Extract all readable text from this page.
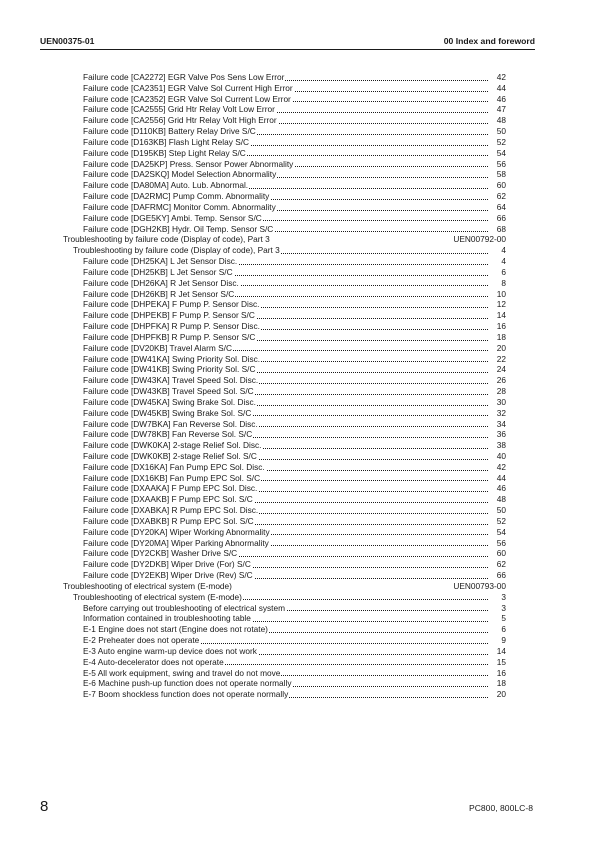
UEN00375-01	00 Index and foreword
Failure code [CA2272] EGR Valve Pos Sens Low Error	42
Failure code [CA2351] EGR Valve Sol Current High Error	44
Failure code [CA2352] EGR Valve Sol Current Low Error	46
Failure code [CA2555] Grid Htr Relay Volt Low Error	47
Failure code [CA2556] Grid Htr Relay Volt High Error	48
Failure code [D110KB] Battery Relay Drive S/C	50
Failure code [D163KB] Flash Light Relay S/C	52
Failure code [D195KB] Step Light Relay S/C	54
Failure code [DA25KP] Press. Sensor Power Abnormality	56
Failure code [DA2SKQ] Model Selection Abnormality	58
Failure code [DA80MA] Auto. Lub. Abnormal.	60
Failure code [DA2RMC] Pump Comm. Abnormality	62
Failure code [DAFRMC] Monitor Comm. Abnormality	64
Failure code [DGE5KY] Ambi. Temp. Sensor S/C	66
Failure code [DGH2KB] Hydr. Oil Temp. Sensor S/C	68
Troubleshooting by failure code (Display of code), Part 3	UEN00792-00
Troubleshooting by failure code (Display of code), Part 3	4
Failure code [DH25KA] L Jet Sensor Disc.	4
Failure code [DH25KB] L Jet Sensor S/C	6
Failure code [DH26KA] R Jet Sensor Disc.	8
Failure code [DH26KB] R Jet Sensor S/C	10
Failure code [DHPEKA] F Pump P. Sensor Disc.	12
Failure code [DHPEKB] F Pump P. Sensor S/C	14
Failure code [DHPFKA] R Pump P. Sensor Disc.	16
Failure code [DHPFKB] R Pump P. Sensor S/C	18
Failure code [DV20KB] Travel Alarm S/C	20
Failure code [DW41KA] Swing Priority Sol. Disc.	22
Failure code [DW41KB] Swing Priority Sol. S/C	24
Failure code [DW43KA] Travel Speed Sol. Disc.	26
Failure code [DW43KB] Travel Speed Sol. S/C	28
Failure code [DW45KA] Swing Brake Sol. Disc.	30
Failure code [DW45KB] Swing Brake Sol. S/C	32
Failure code [DW7BKA] Fan Reverse Sol. Disc.	34
Failure code [DW78KB] Fan Reverse Sol. S/C	36
Failure code [DWK0KA] 2-stage Relief Sol. Disc.	38
Failure code [DWK0KB] 2-stage Relief Sol. S/C	40
Failure code [DX16KA] Fan Pump EPC Sol. Disc.	42
Failure code [DX16KB] Fan Pump EPC Sol. S/C	44
Failure code [DXAAKA] F Pump EPC Sol. Disc.	46
Failure code [DXAAKB] F Pump EPC Sol. S/C	48
Failure code [DXABKA] R Pump EPC Sol. Disc.	50
Failure code [DXABKB] R Pump EPC Sol. S/C	52
Failure code [DY20KA] Wiper Working Abnormality	54
Failure code [DY20MA] Wiper Parking Abnormality	56
Failure code [DY2CKB] Washer Drive S/C	60
Failure code [DY2DKB] Wiper Drive (For) S/C	62
Failure code [DY2EKB] Wiper Drive (Rev) S/C	66
Troubleshooting of electrical system (E-mode)	UEN00793-00
Troubleshooting of electrical system (E-mode)	3
Before carrying out troubleshooting of electrical system	3
Information contained in troubleshooting table	5
E-1 Engine does not start (Engine does not rotate)	6
E-2 Preheater does not operate	9
E-3 Auto engine warm-up device does not work	14
E-4 Auto-decelerator does not operate	15
E-5 All work equipment, swing and travel do not move	16
E-6 Machine push-up function does not operate normally	18
E-7 Boom shockless function does not operate normally	20
8	PC800, 800LC-8
